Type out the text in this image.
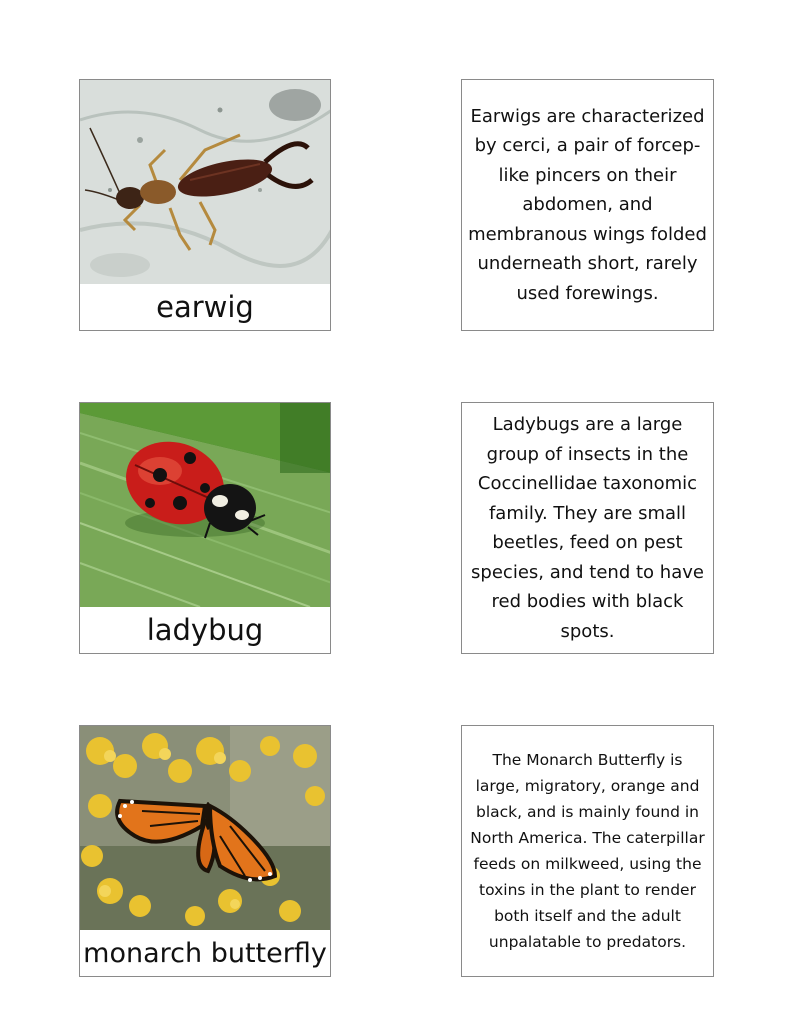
earwig
Earwigs are characterized by cerci, a pair of forcep-like pincers on their abdomen, and membranous wings folded underneath short, rarely used forewings.
ladybug
Ladybugs are a large group of insects in the Coccinellidae taxonomic family. They are small beetles, feed on pest species, and tend to have red bodies with black spots.
monarch butterfly
The Monarch Butterfly is large, migratory, orange and black, and is mainly found in North America. The caterpillar feeds on milkweed, using the toxins in the plant to render both itself and the adult unpalatable to predators.
